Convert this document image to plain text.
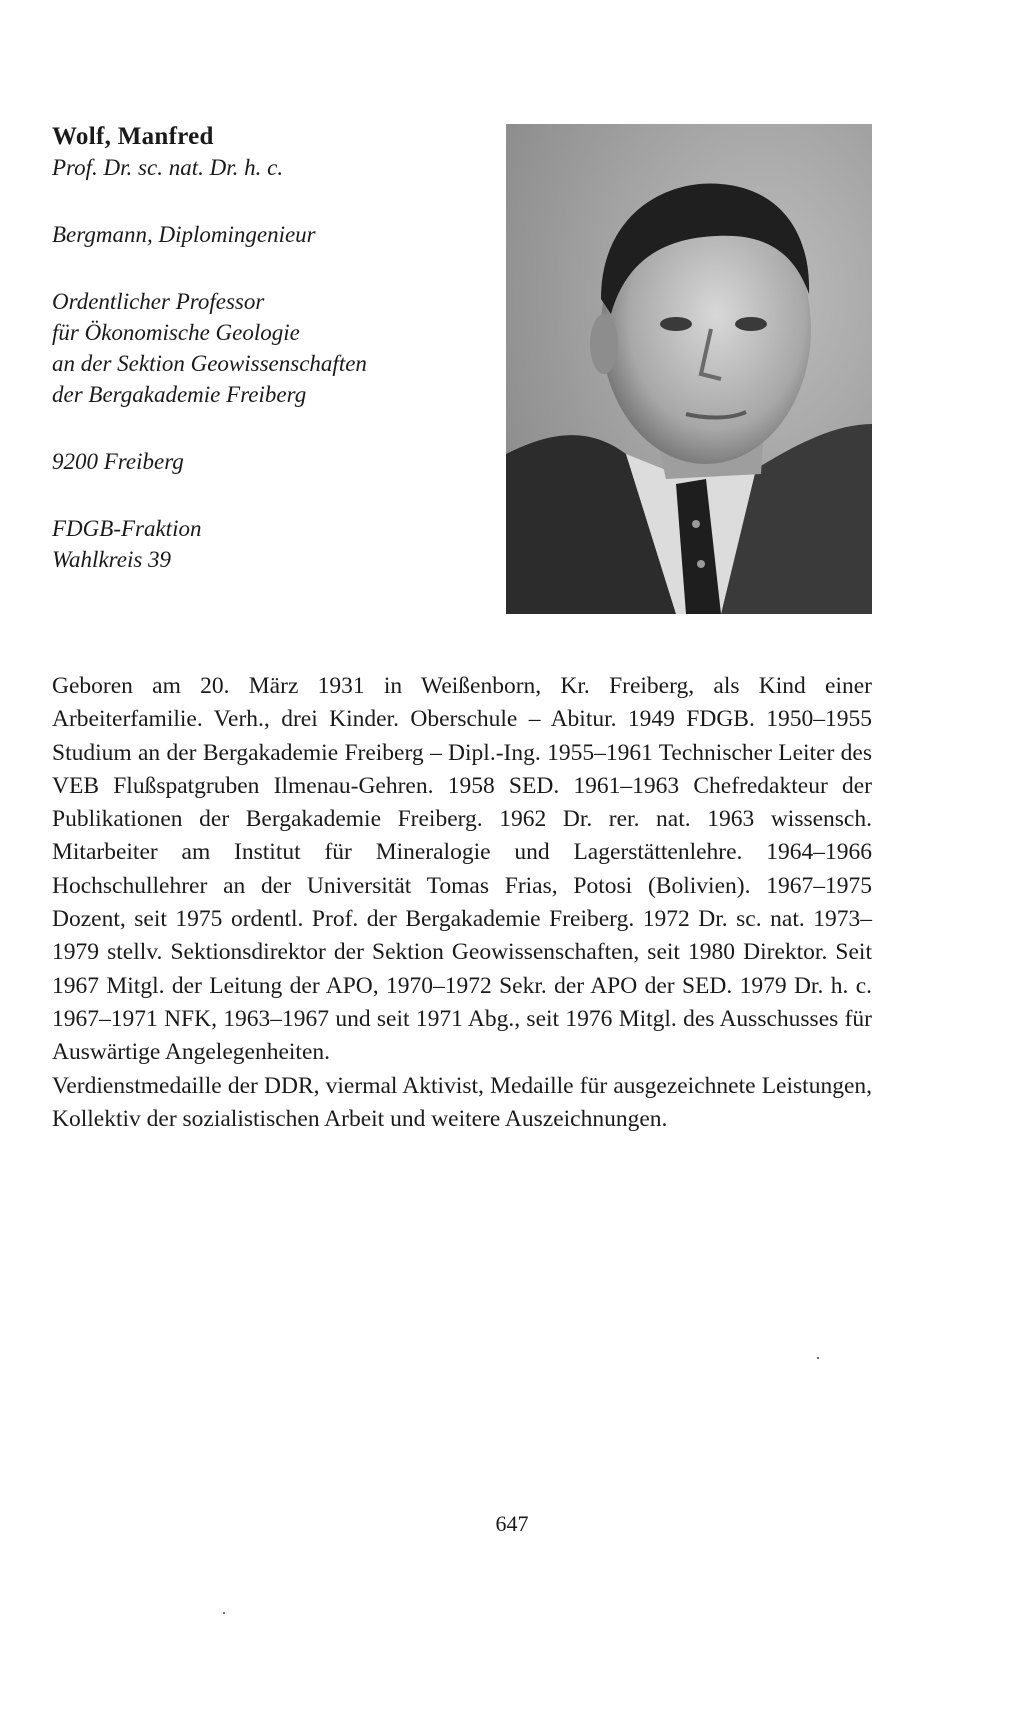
Wolf, Manfred

Prof. Dr. sc. nat. Dr. h. c.

Bergmann, Diplomingenieur

Ordentlicher Professor

für Ökonomische Geologie

an der Sektion Geowissenschaften

der Bergakademie Freiberg

9200 Freiberg

FDGB-Fraktion

Wahlkreis 39

Geboren am 20. März 1931 in Weißenborn, Kr. Freiberg, als Kind einer Arbeiterfamilie. Verh., drei Kinder. Oberschule – Abitur. 1949 FDGB. 1950–1955 Studium an der Bergakademie Freiberg – Dipl.-Ing. 1955–1961 Technischer Leiter des VEB Flußspatgruben Ilmenau-Gehren. 1958 SED. 1961–1963 Chefredakteur der Publikationen der Bergakademie Freiberg. 1962 Dr. rer. nat. 1963 wissensch. Mitarbeiter am Institut für Mineralogie und Lagerstättenlehre. 1964–1966 Hochschullehrer an der Universität Tomas Frias, Potosi (Bolivien). 1967–1975 Dozent, seit 1975 ordentl. Prof. der Bergakademie Freiberg. 1972 Dr. sc. nat. 1973–1979 stellv. Sektionsdirektor der Sektion Geowissenschaften, seit 1980 Direktor. Seit 1967 Mitgl. der Leitung der APO, 1970–1972 Sekr. der APO der SED. 1979 Dr. h. c. 1967–1971 NFK, 1963–1967 und seit 1971 Abg., seit 1976 Mitgl. des Ausschusses für Auswärtige Angelegenheiten.

Verdienstmedaille der DDR, viermal Aktivist, Medaille für ausgezeichnete Leistungen, Kollektiv der sozialistischen Arbeit und weitere Auszeichnungen.

647
